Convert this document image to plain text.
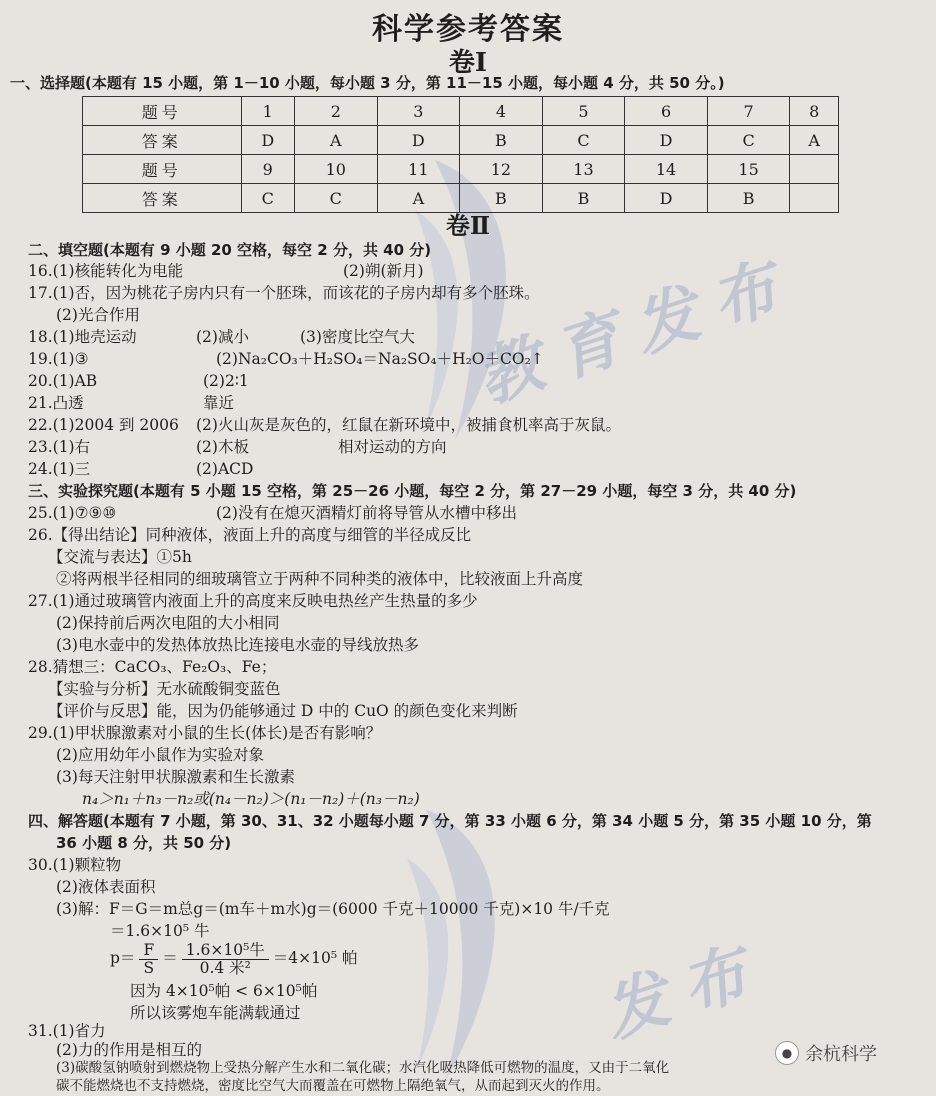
教育发布
发布
科学参考答案
卷Ⅰ
一、选择题(本题有 15 小题，第 1－10 小题，每小题 3 分，第 11－15 小题，每小题 4 分，共 50 分。)
题号	1	2	3	4	5	6	7	8
答案	D	A	D	B	C	D	C	A
题号	9	10	11	12	13	14	15	
答案	C	C	A	B	B	D	B	
卷Ⅱ
二、填空题(本题有 9 小题 20 空格，每空 2 分，共 40 分)
16.(1)核能转化为电能	(2)朔(新月)
17.(1)否，因为桃花子房内只有一个胚珠，而该花的子房内却有多个胚珠。
(2)光合作用
18.(1)地壳运动	(2)减小	(3)密度比空气大
19.(1)③	(2)Na₂CO₃＋H₂SO₄＝Na₂SO₄＋H₂O＋CO₂↑
20.(1)AB	(2)2∶1
21.凸透	靠近
22.(1)2004 到 2006 (2)火山灰是灰色的，红鼠在新环境中，被捕食机率高于灰鼠。
23.(1)右	(2)木板	相对运动的方向
24.(1)三	(2)ACD
三、实验探究题(本题有 5 小题 15 空格，第 25－26 小题，每空 2 分，第 27－29 小题，每空 3 分，共 40 分)
25.(1)⑦⑨⑩	(2)没有在熄灭酒精灯前将导管从水槽中移出
26.【得出结论】同种液体，液面上升的高度与细管的半径成反比
【交流与表达】①5h
②将两根半径相同的细玻璃管立于两种不同种类的液体中，比较液面上升高度
27.(1)通过玻璃管内液面上升的高度来反映电热丝产生热量的多少
(2)保持前后两次电阻的大小相同
(3)电水壶中的发热体放热比连接电水壶的导线放热多
28.猜想三：CaCO₃、Fe₂O₃、Fe；
【实验与分析】无水硫酸铜变蓝色
【评价与反思】能，因为仍能够通过 D 中的 CuO 的颜色变化来判断
29.(1)甲状腺激素对小鼠的生长(体长)是否有影响？
(2)应用幼年小鼠作为实验对象
(3)每天注射甲状腺激素和生长激素
n₄＞n₁＋n₃－n₂或(n₄－n₂)＞(n₁－n₂)＋(n₃－n₂)
四、解答题(本题有 7 小题，第 30、31、32 小题每小题 7 分，第 33 小题 6 分，第 34 小题 5 分，第 35 小题 10 分，第
36 小题 8 分，共 50 分)
30.(1)颗粒物
(2)液体表面积
(3)解：F＝G＝m总g＝(m车＋m水)g＝(6000 千克＋10000 千克)×10 牛/千克
＝1.6×10⁵ 牛
$p= \frac{F}{S} = \frac{\text{1.6×10⁵牛}}{\text{0.4 米²}} =4\times 10^5$ 帕
因为 4×10⁵帕 < 6×10⁵帕
所以该雾炮车能满载通过
31.(1)省力
(2)力的作用是相互的
(3)碳酸氢钠喷射到燃烧物上受热分解产生水和二氧化碳；水汽化吸热降低可燃物的温度，又由于二氧化
碳不能燃烧也不支持燃烧，密度比空气大而覆盖在可燃物上隔绝氧气，从而起到灭火的作用。
● 余杭科学
